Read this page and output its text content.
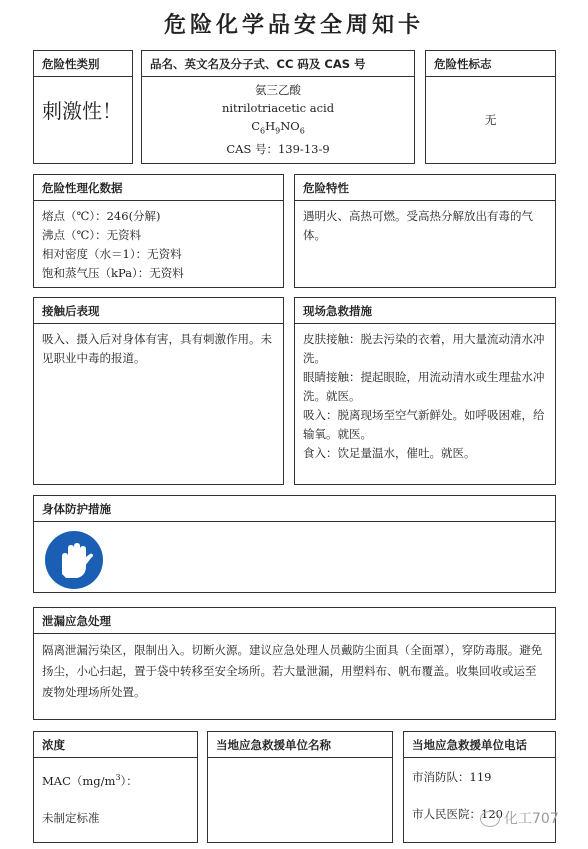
危险化学品安全周知卡
危险性类别
刺激性！
品名、英文名及分子式、CC 码及 CAS 号
氨三乙酸
nitrilotriacetic acid
$C_6H_9NO_6$
CAS 号：139-13-9
危险性标志
无
危险性理化数据
熔点（℃）：246(分解)
沸点（℃）：无资料
相对密度（水＝1）：无资料
饱和蒸气压（kPa）：无资料
危险特性
遇明火、高热可燃。受高热分解放出有毒的气体。
接触后表现
吸入、摄入后对身体有害，具有刺激作用。未见职业中毒的报道。
现场急救措施
皮肤接触：脱去污染的衣着，用大量流动清水冲洗。
眼睛接触：提起眼睑，用流动清水或生理盐水冲洗。就医。
吸入：脱离现场至空气新鲜处。如呼吸困难，给输氧。就医。
食入：饮足量温水，催吐。就医。
身体防护措施
泄漏应急处理
隔离泄漏污染区，限制出入。切断火源。建议应急处理人员戴防尘面具（全面罩），穿防毒服。避免扬尘，小心扫起，置于袋中转移至安全场所。若大量泄漏，用塑料布、帆布覆盖。收集回收或运至废物处理场所处置。
浓度
$MAC(mg/m^3)$：
未制定标准
当地应急救援单位名称	当地应急救援单位电话
市消防队：119
市人民医院：120 化工707
